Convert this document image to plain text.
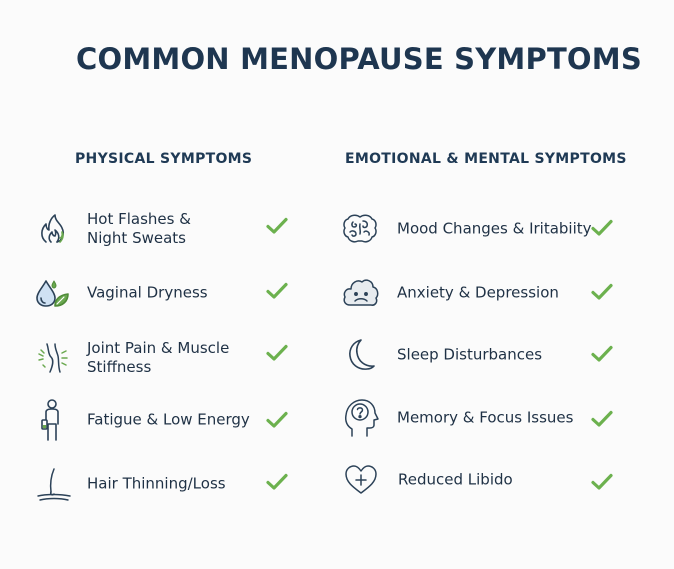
COMMON MENOPAUSE SYMPTOMS
PHYSICAL SYMPTOMS
Hot Flashes &
Night Sweats
Vaginal Dryness
Joint Pain & Muscle
Stiffness
Fatigue & Low Energy
Hair Thinning/Loss
EMOTIONAL & MENTAL SYMPTOMS
Mood Changes & Iritabiity
Anxiety & Depression
Sleep Disturbances
Memory & Focus Issues
Reduced Libido
